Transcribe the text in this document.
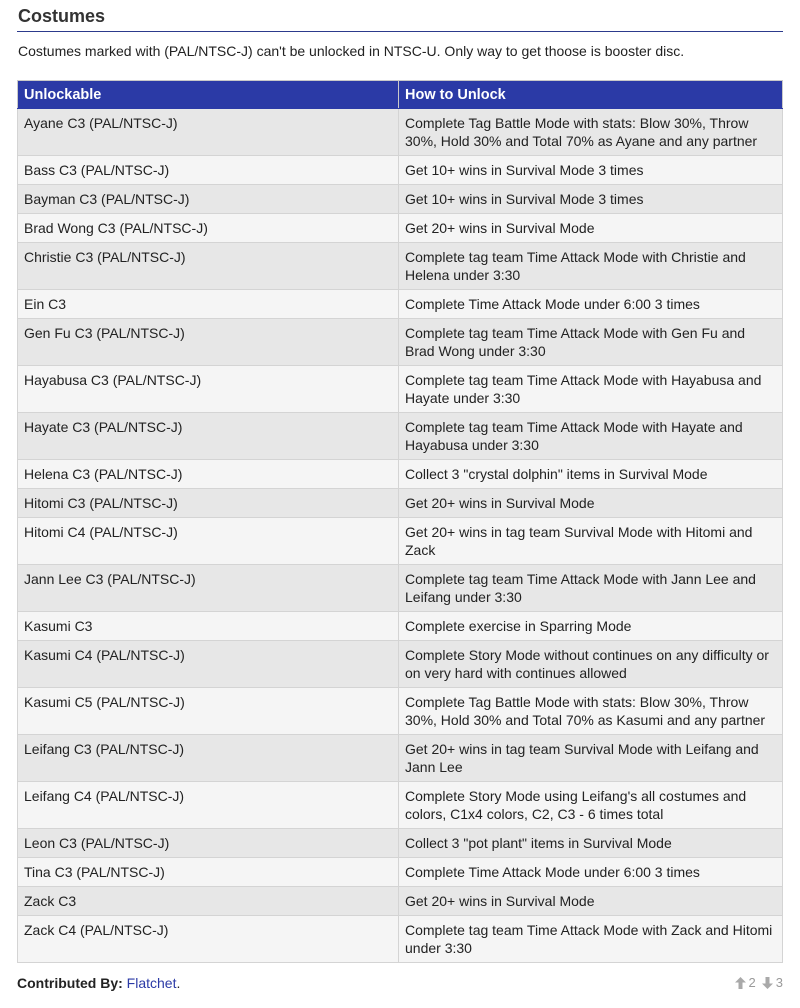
Costumes

Costumes marked with (PAL/NTSC-J) can't be unlocked in NTSC-U. Only way to get thoose is booster disc.

Unlockable	How to Unlock
Ayane C3 (PAL/NTSC-J)	Complete Tag Battle Mode with stats: Blow 30%, Throw 30%, Hold 30% and Total 70% as Ayane and any partner
Bass C3 (PAL/NTSC-J)	Get 10+ wins in Survival Mode 3 times
Bayman C3 (PAL/NTSC-J)	Get 10+ wins in Survival Mode 3 times
Brad Wong C3 (PAL/NTSC-J)	Get 20+ wins in Survival Mode
Christie C3 (PAL/NTSC-J)	Complete tag team Time Attack Mode with Christie and Helena under 3:30
Ein C3	Complete Time Attack Mode under 6:00 3 times
Gen Fu C3 (PAL/NTSC-J)	Complete tag team Time Attack Mode with Gen Fu and Brad Wong under 3:30
Hayabusa C3 (PAL/NTSC-J)	Complete tag team Time Attack Mode with Hayabusa and Hayate under 3:30
Hayate C3 (PAL/NTSC-J)	Complete tag team Time Attack Mode with Hayate and Hayabusa under 3:30
Helena C3 (PAL/NTSC-J)	Collect 3 "crystal dolphin" items in Survival Mode
Hitomi C3 (PAL/NTSC-J)	Get 20+ wins in Survival Mode
Hitomi C4 (PAL/NTSC-J)	Get 20+ wins in tag team Survival Mode with Hitomi and Zack
Jann Lee C3 (PAL/NTSC-J)	Complete tag team Time Attack Mode with Jann Lee and Leifang under 3:30
Kasumi C3	Complete exercise in Sparring Mode
Kasumi C4 (PAL/NTSC-J)	Complete Story Mode without continues on any difficulty or on very hard with continues allowed
Kasumi C5 (PAL/NTSC-J)	Complete Tag Battle Mode with stats: Blow 30%, Throw 30%, Hold 30% and Total 70% as Kasumi and any partner
Leifang C3 (PAL/NTSC-J)	Get 20+ wins in tag team Survival Mode with Leifang and Jann Lee
Leifang C4 (PAL/NTSC-J)	Complete Story Mode using Leifang's all costumes and colors, C1x4 colors, C2, C3 - 6 times total
Leon C3 (PAL/NTSC-J)	Collect 3 "pot plant" items in Survival Mode
Tina C3 (PAL/NTSC-J)	Complete Time Attack Mode under 6:00 3 times
Zack C3	Get 20+ wins in Survival Mode
Zack C4 (PAL/NTSC-J)	Complete tag team Time Attack Mode with Zack and Hitomi under 3:30
Contributed By: Flatchet.	2 3
